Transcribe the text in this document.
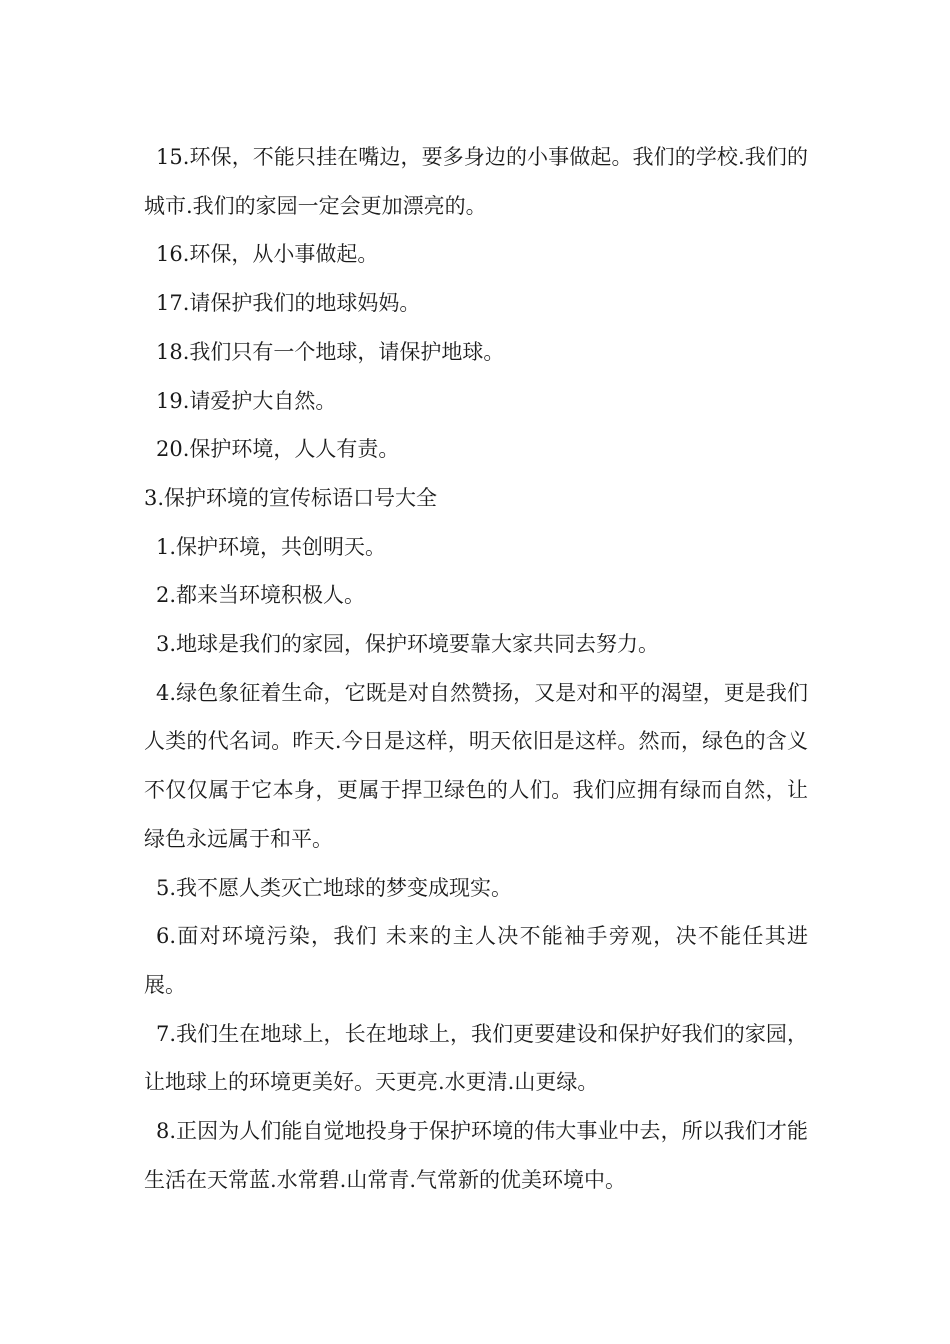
15.环保，不能只挂在嘴边，要多身边的小事做起。我们的学校.我们的城市.我们的家园一定会更加漂亮的。

16.环保，从小事做起。

17.请保护我们的地球妈妈。

18.我们只有一个地球，请保护地球。

19.请爱护大自然。

20.保护环境，人人有责。

3.保护环境的宣传标语口号大全

1.保护环境，共创明天。

2.都来当环境积极人。

3.地球是我们的家园，保护环境要靠大家共同去努力。

4.绿色象征着生命，它既是对自然赞扬，又是对和平的渴望，更是我们人类的代名词。昨天.今日是这样，明天依旧是这样。然而，绿色的含义不仅仅属于它本身，更属于捍卫绿色的人们。我们应拥有绿而自然，让绿色永远属于和平。

5.我不愿人类灭亡地球的梦变成现实。

6.面对环境污染，我们 未来的主人决不能袖手旁观，决不能任其进展。

7.我们生在地球上，长在地球上，我们更要建设和保护好我们的家园，让地球上的环境更美好。天更亮.水更清.山更绿。

8.正因为人们能自觉地投身于保护环境的伟大事业中去，所以我们才能生活在天常蓝.水常碧.山常青.气常新的优美环境中。
